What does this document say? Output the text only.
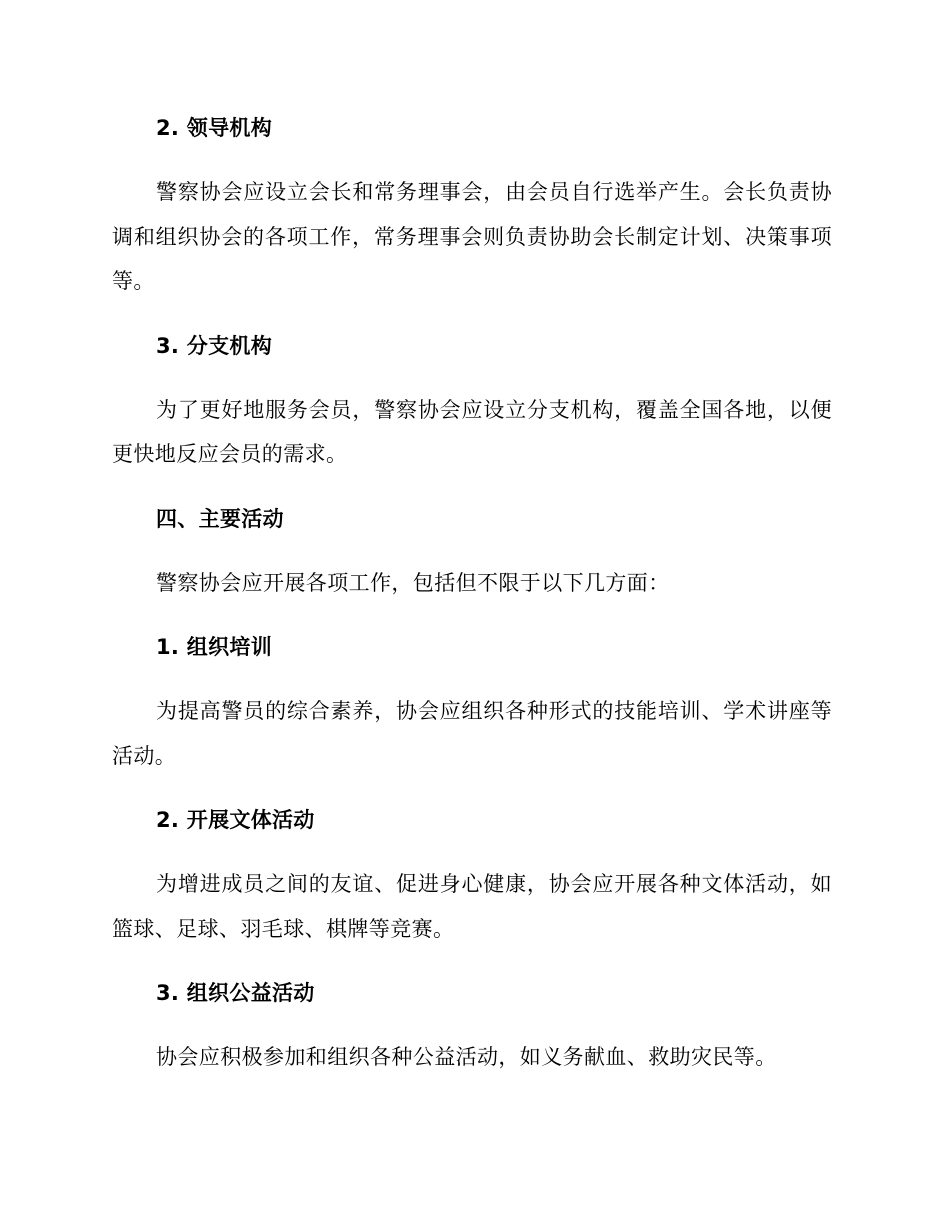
2. 领导机构

警察协会应设立会长和常务理事会，由会员自行选举产生。会长负责协调和组织协会的各项工作，常务理事会则负责协助会长制定计划、决策事项等。

3. 分支机构

为了更好地服务会员，警察协会应设立分支机构，覆盖全国各地，以便更快地反应会员的需求。

四、主要活动

警察协会应开展各项工作，包括但不限于以下几方面：

1. 组织培训

为提高警员的综合素养，协会应组织各种形式的技能培训、学术讲座等活动。

2. 开展文体活动

为增进成员之间的友谊、促进身心健康，协会应开展各种文体活动，如篮球、足球、羽毛球、棋牌等竞赛。

3. 组织公益活动

协会应积极参加和组织各种公益活动，如义务献血、救助灾民等。
